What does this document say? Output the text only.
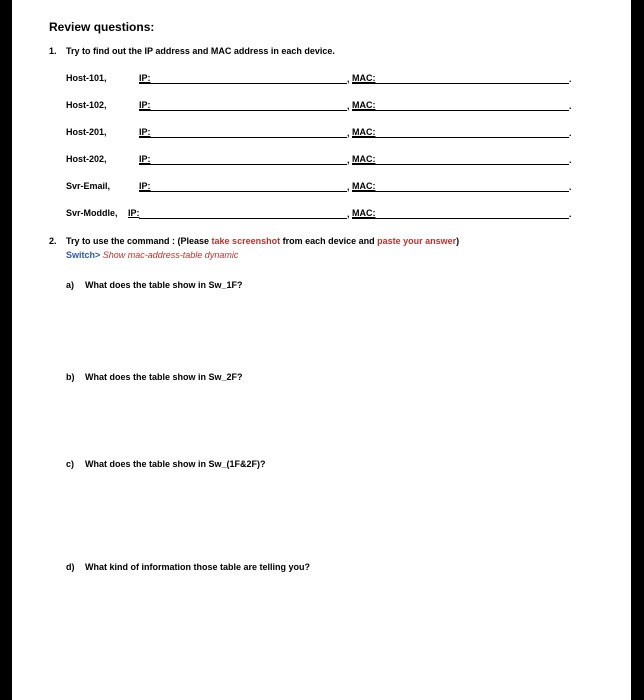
Review questions:
1. Try to find out the IP address and MAC address in each device.
Host-101,	IP:	, MAC:	.
Host-102,	IP:	, MAC:	.
Host-201,	IP:	, MAC:	.
Host-202,	IP:	, MAC:	.
Svr-Email,	IP:	, MAC:	.
Svr-Moddle, IP:	, MAC:	.
2. Try to use the command : (Please take screenshot from each device and paste your answer)
Switch> Show mac-address-table dynamic
a) What does the table show in Sw_1F?
b) What does the table show in Sw_2F?
c) What does the table show in Sw_(1F&2F)?
d) What kind of information those table are telling you?
